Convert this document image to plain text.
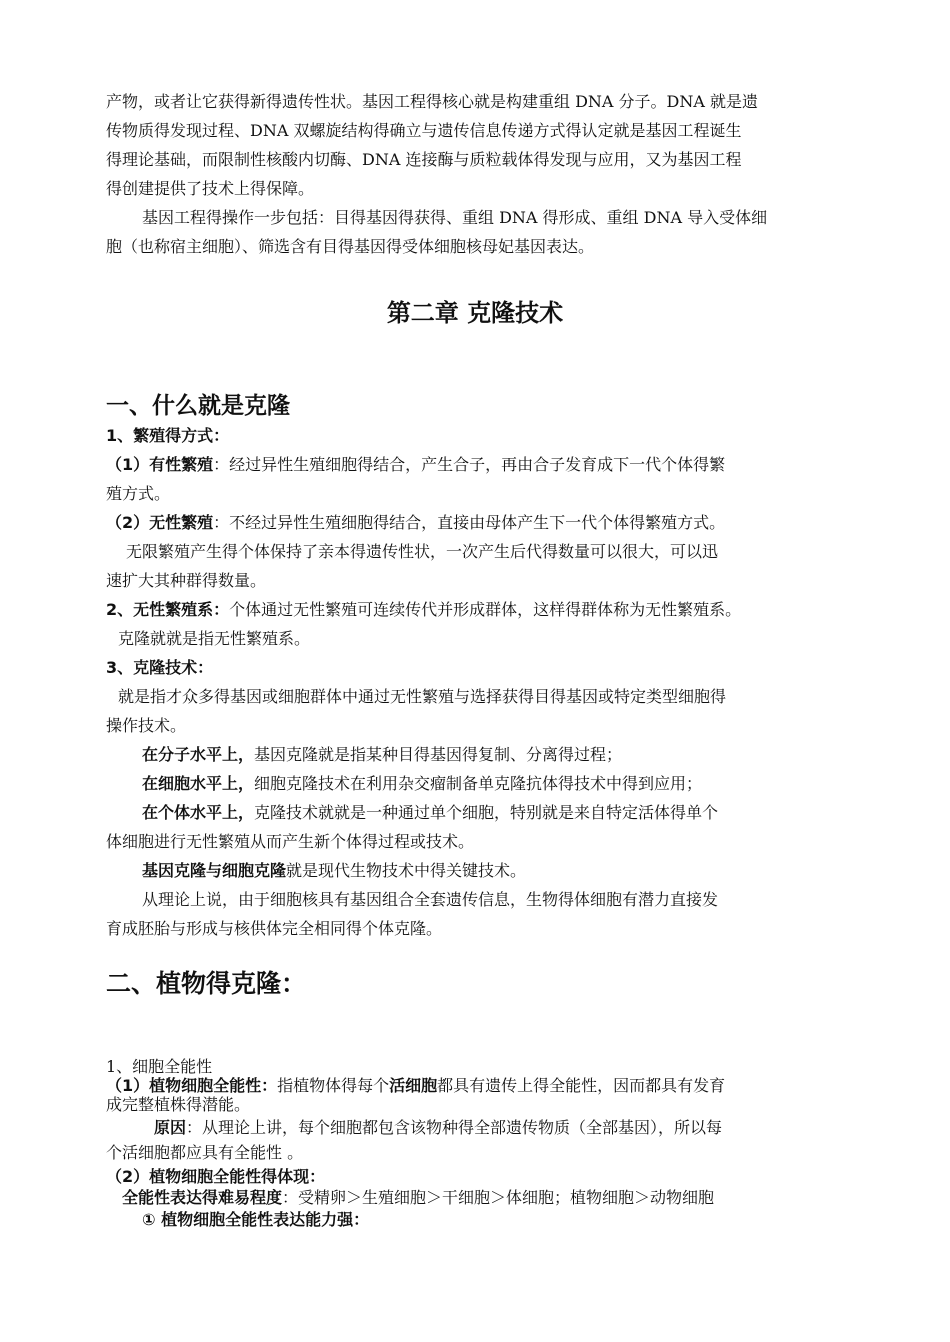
产物，或者让它获得新得遗传性状。基因工程得核心就是构建重组 DNA 分子。DNA 就是遗
传物质得发现过程、DNA 双螺旋结构得确立与遗传信息传递方式得认定就是基因工程诞生
得理论基础，而限制性核酸内切酶、DNA 连接酶与质粒载体得发现与应用，又为基因工程
得创建提供了技术上得保障。
基因工程得操作一步包括：目得基因得获得、重组 DNA 得形成、重组 DNA 导入受体细
胞（也称宿主细胞）、筛选含有目得基因得受体细胞核母妃基因表达。
第二章 克隆技术
一、什么就是克隆
1、繁殖得方式：
（1）有性繁殖：经过异性生殖细胞得结合，产生合子，再由合子发育成下一代个体得繁
殖方式。
（2）无性繁殖：不经过异性生殖细胞得结合，直接由母体产生下一代个体得繁殖方式。
无限繁殖产生得个体保持了亲本得遗传性状，一次产生后代得数量可以很大，可以迅
速扩大其种群得数量。
2、无性繁殖系：个体通过无性繁殖可连续传代并形成群体，这样得群体称为无性繁殖系。
克隆就就是指无性繁殖系。
3、克隆技术：
就是指才众多得基因或细胞群体中通过无性繁殖与选择获得目得基因或特定类型细胞得
操作技术。
在分子水平上，基因克隆就是指某种目得基因得复制、分离得过程；
在细胞水平上，细胞克隆技术在利用杂交瘤制备单克隆抗体得技术中得到应用；
在个体水平上，克隆技术就就是一种通过单个细胞，特别就是来自特定活体得单个
体细胞进行无性繁殖从而产生新个体得过程或技术。
基因克隆与细胞克隆就是现代生物技术中得关键技术。
从理论上说，由于细胞核具有基因组合全套遗传信息，生物得体细胞有潜力直接发
育成胚胎与形成与核供体完全相同得个体克隆。
二、植物得克隆：
1、细胞全能性
（1）植物细胞全能性：指植物体得每个活细胞都具有遗传上得全能性，因而都具有发育
成完整植株得潜能。
原因：从理论上讲，每个细胞都包含该物种得全部遗传物质（全部基因），所以每
个活细胞都应具有全能性 。
（2）植物细胞全能性得体现：
全能性表达得难易程度：受精卵＞生殖细胞＞干细胞＞体细胞；植物细胞＞动物细胞
① 植物细胞全能性表达能力强：
